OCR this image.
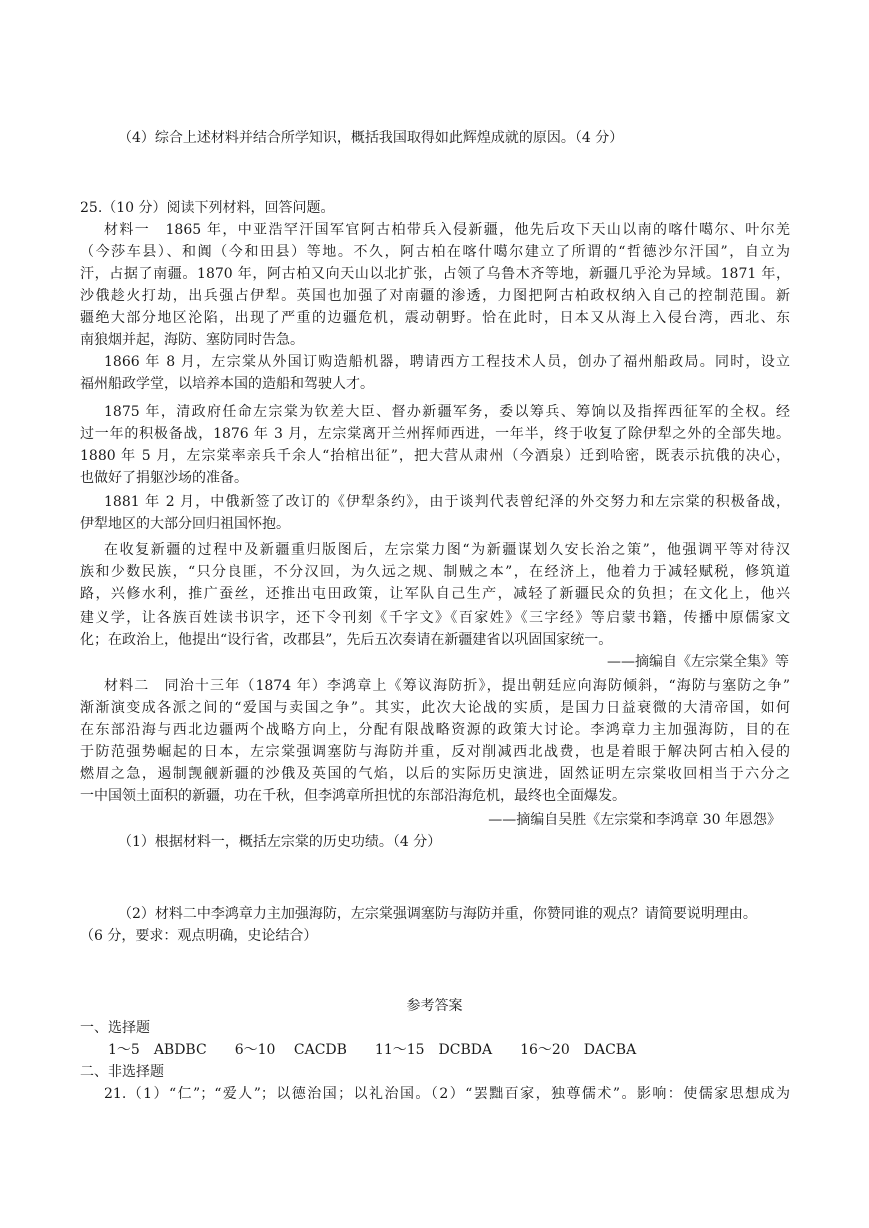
（4）综合上述材料并结合所学知识，概括我国取得如此辉煌成就的原因。（4 分）
25.（10 分）阅读下列材料，回答问题。
材料一　1865 年，中亚浩罕汗国军官阿古柏带兵入侵新疆，他先后攻下天山以南的喀什噶尔、叶尔羌
（今莎车县）、和阗（今和田县）等地。不久，阿古柏在喀什噶尔建立了所谓的“哲德沙尔汗国”，自立为
汗，占据了南疆。1870 年，阿古柏又向天山以北扩张，占领了乌鲁木齐等地，新疆几乎沦为异域。1871 年，
沙俄趁火打劫，出兵强占伊犁。英国也加强了对南疆的渗透，力图把阿古柏政权纳入自己的控制范围。新
疆绝大部分地区沦陷，出现了严重的边疆危机，震动朝野。恰在此时，日本又从海上入侵台湾，西北、东
南狼烟并起，海防、塞防同时告急。
1866 年 8 月，左宗棠从外国订购造船机器，聘请西方工程技术人员，创办了福州船政局。同时，设立
福州船政学堂，以培养本国的造船和驾驶人才。
1875 年，清政府任命左宗棠为钦差大臣、督办新疆军务，委以筹兵、筹饷以及指挥西征军的全权。经
过一年的积极备战，1876 年 3 月，左宗棠离开兰州挥师西进，一年半，终于收复了除伊犁之外的全部失地。
1880 年 5 月，左宗棠率亲兵千余人“抬棺出征”，把大营从肃州（今酒泉）迁到哈密，既表示抗俄的决心，
也做好了捐躯沙场的准备。
1881 年 2 月，中俄新签了改订的《伊犁条约》，由于谈判代表曾纪泽的外交努力和左宗棠的积极备战，
伊犁地区的大部分回归祖国怀抱。
在收复新疆的过程中及新疆重归版图后，左宗棠力图“为新疆谋划久安长治之策”，他强调平等对待汉
族和少数民族，“只分良匪，不分汉回，为久远之规、制贼之本”，在经济上，他着力于减轻赋税，修筑道
路，兴修水利，推广蚕丝，还推出屯田政策，让军队自己生产，减轻了新疆民众的负担；在文化上，他兴
建义学，让各族百姓读书识字，还下令刊刻《千字文》《百家姓》《三字经》等启蒙书籍，传播中原儒家文
化；在政治上，他提出“设行省，改郡县”，先后五次奏请在新疆建省以巩固国家统一。
——摘编自《左宗棠全集》等
材料二　同治十三年（1874 年）李鸿章上《筹议海防折》，提出朝廷应向海防倾斜，“海防与塞防之争”
渐渐演变成各派之间的“爱国与卖国之争”。其实，此次大论战的实质，是国力日益衰微的大清帝国，如何
在东部沿海与西北边疆两个战略方向上，分配有限战略资源的政策大讨论。李鸿章力主加强海防，目的在
于防范强势崛起的日本，左宗棠强调塞防与海防并重，反对削减西北战费，也是着眼于解决阿古柏入侵的
燃眉之急，遏制觊觎新疆的沙俄及英国的气焰，以后的实际历史演进，固然证明左宗棠收回相当于六分之
一中国领土面积的新疆，功在千秋，但李鸿章所担忧的东部沿海危机，最终也全面爆发。
——摘编自吴胜《左宗棠和李鸿章 30 年恩怨》
（1）根据材料一，概括左宗棠的历史功绩。（4 分）
（2）材料二中李鸿章力主加强海防，左宗棠强调塞防与海防并重，你赞同谁的观点？请简要说明理由。
（6 分，要求：观点明确，史论结合）
参考答案
一、选择题
1～5　ABDBC　　6～10　 CACDB　　11～15　DCBDA　　16～20　DACBA
二、非选择题
21.（1）“仁”；“爱人”；以德治国；以礼治国。（2）“罢黜百家，独尊儒术”。影响：使儒家思想成为
